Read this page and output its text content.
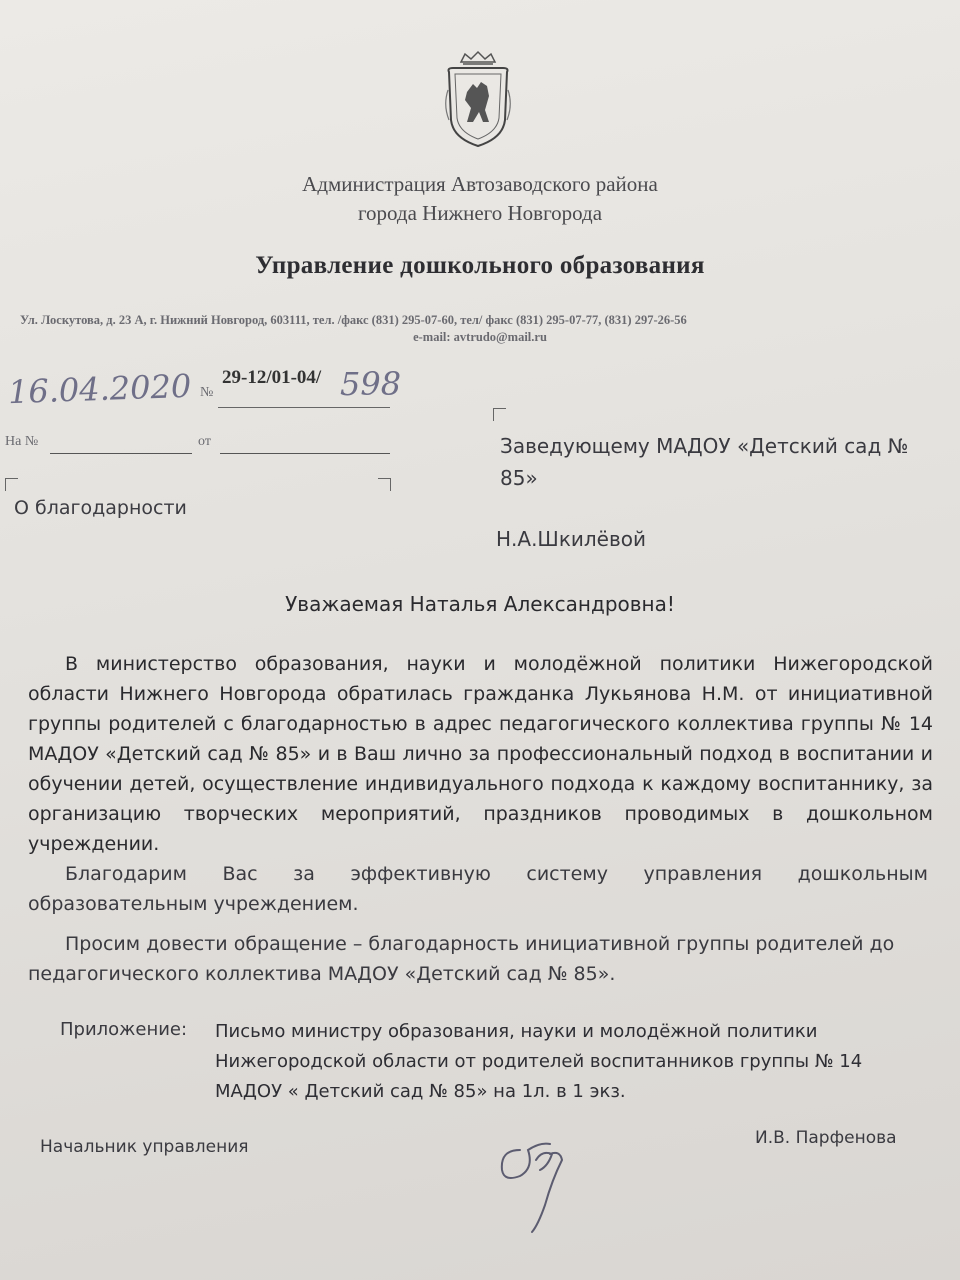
Администрация Автозаводского района
города Нижнего Новгорода
Управление дошкольного образования
Ул. Лоскутова, д. 23 А, г. Нижний Новгород, 603111, тел. /факс (831) 295-07-60, тел/ факс (831) 295-07-77, (831) 297-26-56
e-mail: avtrudo@mail.ru
16.04.2020 №
29-12/01-04/ 598
На №	от
О благодарности
Заведующему МАДОУ «Детский сад № 85»
Н.А.Шкилёвой
Уважаемая Наталья Александровна!
В министерство образования, науки и молодёжной политики Нижегородской области Нижнего Новгорода обратилась гражданка Лукьянова Н.М. от инициативной группы родителей с благодарностью в адрес педагогического коллектива группы № 14 МАДОУ «Детский сад № 85» и в Ваш лично за профессиональный подход в воспитании и обучении детей, осуществление индивидуального подхода к каждому воспитаннику, за организацию творческих мероприятий, праздников проводимых в дошкольном учреждении.
Благодарим Вас за эффективную систему управления дошкольным образовательным учреждением.
Просим довести обращение – благодарность инициативной группы родителей до педагогического коллектива МАДОУ «Детский сад № 85».
Приложение: Письмо министру образования, науки и молодёжной политики Нижегородской области от родителей воспитанников группы № 14 МАДОУ « Детский сад № 85» на 1л. в 1 экз.
Начальник управления	И.В. Парфенова
